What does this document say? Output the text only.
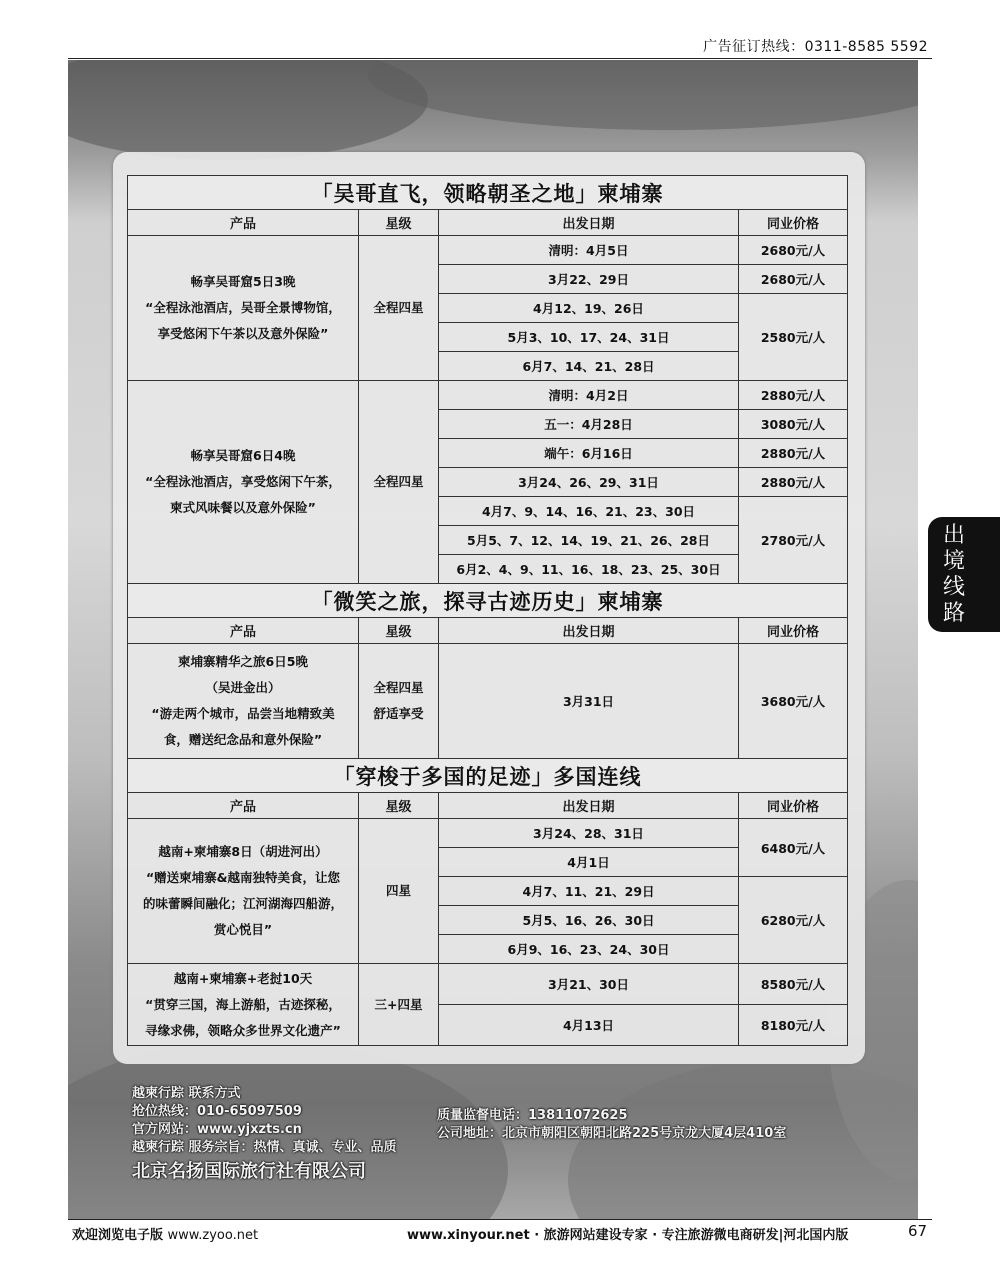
广告征订热线：0311-8585 5592
「吴哥直飞，领略朝圣之地」柬埔寨			
产品	星级	出发日期	同业价格
畅享吴哥窟5日3晚
“全程泳池酒店，吴哥全景博物馆，
享受悠闲下午茶以及意外保险”	全程四星	清明：4月5日	2680元/人
		3月22、29日	2680元/人
		4月12、19、26日	2580元/人
		5月3、10、17、24、31日	
		6月7、14、21、28日	
畅享吴哥窟6日4晚
“全程泳池酒店，享受悠闲下午茶，
柬式风味餐以及意外保险”	全程四星	清明：4月2日	2880元/人
		五一：4月28日	3080元/人
		端午：6月16日	2880元/人
		3月24、26、29、31日	2880元/人
		4月7、9、14、16、21、23、30日	2780元/人
		5月5、7、12、14、19、21、26、28日	
		6月2、4、9、11、16、18、23、25、30日	
「微笑之旅，探寻古迹历史」柬埔寨			
产品	星级	出发日期	同业价格
柬埔寨精华之旅6日5晚
（吴进金出）
“游走两个城市，品尝当地精致美
食，赠送纪念品和意外保险”	全程四星
舒适享受	3月31日	3680元/人
「穿梭于多国的足迹」多国连线			
产品	星级	出发日期	同业价格
越南+柬埔寨8日（胡进河出）
“赠送柬埔寨&越南独特美食，让您
的味蕾瞬间融化；江河湖海四船游，
赏心悦目”	四星	3月24、28、31日	6480元/人
		4月1日	
		4月7、11、21、29日	6280元/人
		5月5、16、26、30日	
		6月9、16、23、24、30日	
越南+柬埔寨+老挝10天
“贯穿三国，海上游船，古迹探秘，
寻缘求佛，领略众多世界文化遗产”	三+四星	3月21、30日	8580元/人
		4月13日	8180元/人
出境线路
越柬行踪 联系方式
抢位热线：010-65097509
官方网站：www.yjxzts.cn
越柬行踪 服务宗旨：热情、真诚、专业、品质
北京名扬国际旅行社有限公司
质量监督电话：13811072625
公司地址：北京市朝阳区朝阳北路225号京龙大厦4层410室
欢迎浏览电子版 www.zyoo.net	www.xinyour.net · 旅游网站建设专家 · 专注旅游微电商研发|河北国内版	67
